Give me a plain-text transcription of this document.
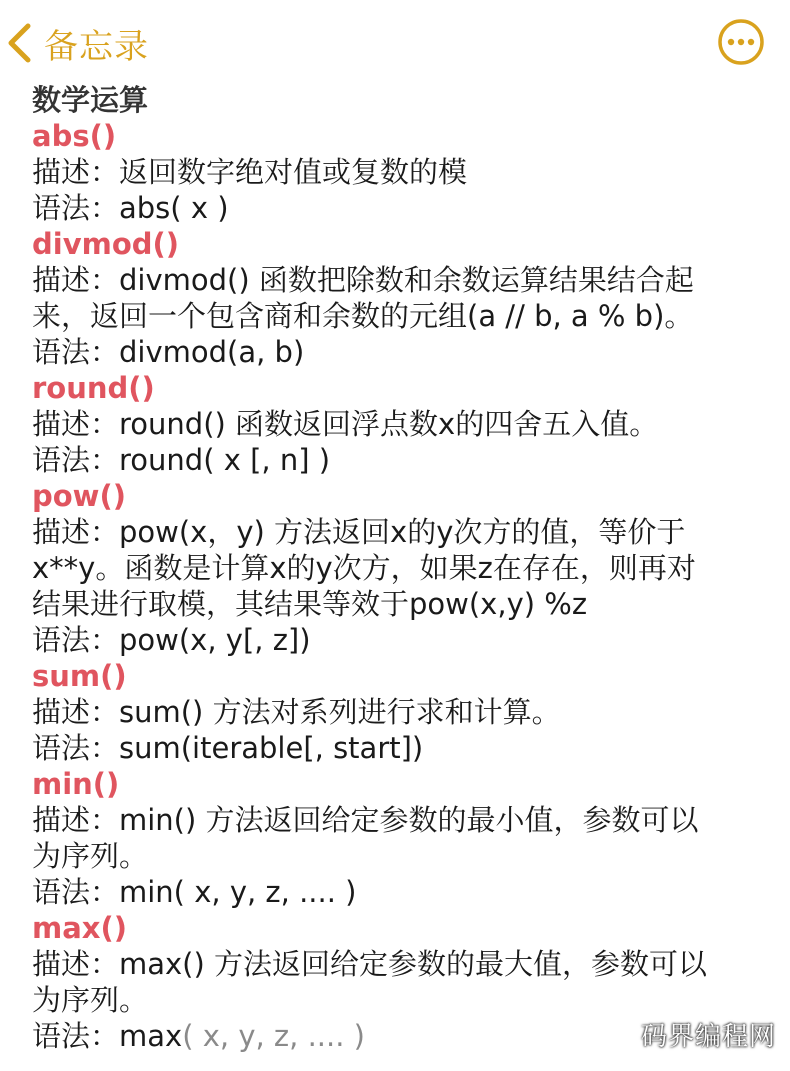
备忘录
数学运算
abs()
描述：返回数字绝对值或复数的模
语法：abs( x )
divmod()
描述：divmod() 函数把除数和余数运算结果结合起
来，返回一个包含商和余数的元组(a // b, a % b)。
语法：divmod(a, b)
round()
描述：round() 函数返回浮点数x的四舍五入值。
语法：round( x [, n] )
pow()
描述：pow(x，y) 方法返回x的y次方的值，等价于
x**y。函数是计算x的y次方，如果z在存在，则再对
结果进行取模，其结果等效于pow(x,y) %z
语法：pow(x, y[, z])
sum()
描述：sum() 方法对系列进行求和计算。
语法：sum(iterable[, start])
min()
描述：min() 方法返回给定参数的最小值，参数可以
为序列。
语法：min( x, y, z, .... )
max()
描述：max() 方法返回给定参数的最大值，参数可以
为序列。
语法：max( x, y, z, .... )	码界编程网
